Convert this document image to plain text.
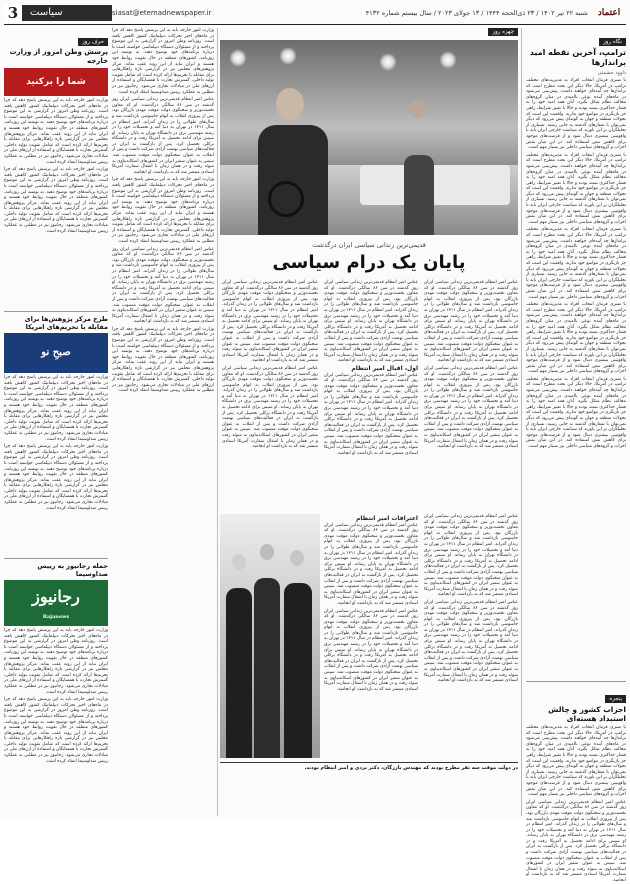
3	سیاست	siasat@etemadnewspaper.ir	شنبه ۲۲ تیر ۱۴۰۲ / ۲۳ ذی‌الحجه ۱۴۴۴ / ۱۳ جولای ۲۰۲۳ / سال بیستم شماره ۴۱۳۲	اعتماد
نگاه روز
ترامپ، آخرین نقطه امید برانداز‌ها
داوود حشمتی

با تسری فرمان انتخاب افراد به مدیریت‌های مختلف ترامپ در آمریکا، حالا دیگر این بحث مطرح است که برانداز‌ها چه آینده‌ای خواهند داشت. پیش‌بینی می‌شود در ماه‌های آینده نوعی ناامیدی در میان گروه‌های مخالف نظام شکل بگیرد. آنان همه امید خود را به فشار حداکثری بسته بودند و حالا با تغییر شرایط، راهی جز بازنگری در مواضع خود ندارند. واقعیت این است که تحولات منطقه و جهان به گونه‌ای پیش می‌رود که دیگر نمی‌توان با شعارهای گذشته به جایی رسید. بسیاری از تحلیلگران بر این باورند که سیاست خارجی ایران باید با واقع‌بینی بیشتری دنبال شود و از فرصت‌های موجود برای کاهش تنش استفاده کند. در این میان نقش احزاب و گروه‌های سیاسی داخلی نیز بسیار مهم است.

با تسری فرمان انتخاب افراد به مدیریت‌های مختلف ترامپ در آمریکا، حالا دیگر این بحث مطرح است که برانداز‌ها چه آینده‌ای خواهند داشت. پیش‌بینی می‌شود در ماه‌های آینده نوعی ناامیدی در میان گروه‌های مخالف نظام شکل بگیرد. آنان همه امید خود را به فشار حداکثری بسته بودند و حالا با تغییر شرایط، راهی جز بازنگری در مواضع خود ندارند. واقعیت این است که تحولات منطقه و جهان به گونه‌ای پیش می‌رود که دیگر نمی‌توان با شعارهای گذشته به جایی رسید. بسیاری از تحلیلگران بر این باورند که سیاست خارجی ایران باید با واقع‌بینی بیشتری دنبال شود و از فرصت‌های موجود برای کاهش تنش استفاده کند. در این میان نقش احزاب و گروه‌های سیاسی داخلی نیز بسیار مهم است.

با تسری فرمان انتخاب افراد به مدیریت‌های مختلف ترامپ در آمریکا، حالا دیگر این بحث مطرح است که برانداز‌ها چه آینده‌ای خواهند داشت. پیش‌بینی می‌شود در ماه‌های آینده نوعی ناامیدی در میان گروه‌های مخالف نظام شکل بگیرد. آنان همه امید خود را به فشار حداکثری بسته بودند و حالا با تغییر شرایط، راهی جز بازنگری در مواضع خود ندارند. واقعیت این است که تحولات منطقه و جهان به گونه‌ای پیش می‌رود که دیگر نمی‌توان با شعارهای گذشته به جایی رسید. بسیاری از تحلیلگران بر این باورند که سیاست خارجی ایران باید با واقع‌بینی بیشتری دنبال شود و از فرصت‌های موجود برای کاهش تنش استفاده کند. در این میان نقش احزاب و گروه‌های سیاسی داخلی نیز بسیار مهم است.

با تسری فرمان انتخاب افراد به مدیریت‌های مختلف ترامپ در آمریکا، حالا دیگر این بحث مطرح است که برانداز‌ها چه آینده‌ای خواهند داشت. پیش‌بینی می‌شود در ماه‌های آینده نوعی ناامیدی در میان گروه‌های مخالف نظام شکل بگیرد. آنان همه امید خود را به فشار حداکثری بسته بودند و حالا با تغییر شرایط، راهی جز بازنگری در مواضع خود ندارند. واقعیت این است که تحولات منطقه و جهان به گونه‌ای پیش می‌رود که دیگر نمی‌توان با شعارهای گذشته به جایی رسید. بسیاری از تحلیلگران بر این باورند که سیاست خارجی ایران باید با واقع‌بینی بیشتری دنبال شود و از فرصت‌های موجود برای کاهش تنش استفاده کند. در این میان نقش احزاب و گروه‌های سیاسی داخلی نیز بسیار مهم است.

با تسری فرمان انتخاب افراد به مدیریت‌های مختلف ترامپ در آمریکا، حالا دیگر این بحث مطرح است که برانداز‌ها چه آینده‌ای خواهند داشت. پیش‌بینی می‌شود در ماه‌های آینده نوعی ناامیدی در میان گروه‌های مخالف نظام شکل بگیرد. آنان همه امید خود را به فشار حداکثری بسته بودند و حالا با تغییر شرایط، راهی جز بازنگری در مواضع خود ندارند. واقعیت این است که تحولات منطقه و جهان به گونه‌ای پیش می‌رود که دیگر نمی‌توان با شعارهای گذشته به جایی رسید. بسیاری از تحلیلگران بر این باورند که سیاست خارجی ایران باید با واقع‌بینی بیشتری دنبال شود و از فرصت‌های موجود برای کاهش تنش استفاده کند. در این میان نقش احزاب و گروه‌های سیاسی داخلی نیز بسیار مهم است.

پنجره
احزاب کشور و چالش استبداد هسته‌ای

با تسری فرمان انتخاب افراد به مدیریت‌های مختلف ترامپ در آمریکا، حالا دیگر این بحث مطرح است که برانداز‌ها چه آینده‌ای خواهند داشت. پیش‌بینی می‌شود در ماه‌های آینده نوعی ناامیدی در میان گروه‌های مخالف نظام شکل بگیرد. آنان همه امید خود را به فشار حداکثری بسته بودند و حالا با تغییر شرایط، راهی جز بازنگری در مواضع خود ندارند. واقعیت این است که تحولات منطقه و جهان به گونه‌ای پیش می‌رود که دیگر نمی‌توان با شعارهای گذشته به جایی رسید. بسیاری از تحلیلگران بر این باورند که سیاست خارجی ایران باید با واقع‌بینی بیشتری دنبال شود و از فرصت‌های موجود برای کاهش تنش استفاده کند. در این میان نقش احزاب و گروه‌های سیاسی داخلی نیز بسیار مهم است.

عباس امیر انتظام قدیمی‌ترین زندانی سیاسی ایران روز گذشته در سن ۸۶ سالگی درگذشت. او که معاون نخست‌وزیر و سخنگوی دولت موقت مهدی بازرگان بود، پس از پیروزی انقلاب به اتهام جاسوسی بازداشت شد و سال‌های طولانی را در زندان گذراند. امیر انتظام در سال ۱۳۱۱ در تهران به دنیا آمد و تحصیلات خود را در رشته مهندسی برق در دانشگاه تهران به پایان رساند. او سپس برای ادامه تحصیل به آمریکا رفت و در دانشگاه برکلی تحصیل کرد. پس از بازگشت به ایران در فعالیت‌های سیاسی نهضت آزادی شرکت داشت و پس از انقلاب به عنوان سخنگوی دولت موقت منصوب شد. سپس به عنوان سفیر ایران در کشورهای اسکاندیناوی به سوئد رفت و در همان زمان با اشغال سفارت آمریکا اسنادی منتشر شد که به بازداشت او انجامید.

چهره روز
قدیمی‌ترین زندانی سیاسی ایران درگذشت
پایان یک درام سیاسی

عباس امیر انتظام قدیمی‌ترین زندانی سیاسی ایران روز گذشته در سن ۸۶ سالگی درگذشت. او که معاون نخست‌وزیر و سخنگوی دولت موقت مهدی بازرگان بود، پس از پیروزی انقلاب به اتهام جاسوسی بازداشت شد و سال‌های طولانی را در زندان گذراند. امیر انتظام در سال ۱۳۱۱ در تهران به دنیا آمد و تحصیلات خود را در رشته مهندسی برق در دانشگاه تهران به پایان رساند. او سپس برای ادامه تحصیل به آمریکا رفت و در دانشگاه برکلی تحصیل کرد. پس از بازگشت به ایران در فعالیت‌های سیاسی نهضت آزادی شرکت داشت و پس از انقلاب به عنوان سخنگوی دولت موقت منصوب شد. سپس به عنوان سفیر ایران در کشورهای اسکاندیناوی به سوئد رفت و در همان زمان با اشغال سفارت آمریکا اسنادی منتشر شد که به بازداشت او انجامید.

عباس امیر انتظام قدیمی‌ترین زندانی سیاسی ایران روز گذشته در سن ۸۶ سالگی درگذشت. او که معاون نخست‌وزیر و سخنگوی دولت موقت مهدی بازرگان بود، پس از پیروزی انقلاب به اتهام جاسوسی بازداشت شد و سال‌های طولانی را در زندان گذراند. امیر انتظام در سال ۱۳۱۱ در تهران به دنیا آمد و تحصیلات خود را در رشته مهندسی برق در دانشگاه تهران به پایان رساند. او سپس برای ادامه تحصیل به آمریکا رفت و در دانشگاه برکلی تحصیل کرد. پس از بازگشت به ایران در فعالیت‌های سیاسی نهضت آزادی شرکت داشت و پس از انقلاب به عنوان سخنگوی دولت موقت منصوب شد. سپس به عنوان سفیر ایران در کشورهای اسکاندیناوی به سوئد رفت و در همان زمان با اشغال سفارت آمریکا اسنادی منتشر شد که به بازداشت او انجامید.

عباس امیر انتظام قدیمی‌ترین زندانی سیاسی ایران روز گذشته در سن ۸۶ سالگی درگذشت. او که معاون نخست‌وزیر و سخنگوی دولت موقت مهدی بازرگان بود، پس از پیروزی انقلاب به اتهام جاسوسی بازداشت شد و سال‌های طولانی را در زندان گذراند. امیر انتظام در سال ۱۳۱۱ در تهران به دنیا آمد و تحصیلات خود را در رشته مهندسی برق در دانشگاه تهران به پایان رساند. او سپس برای ادامه تحصیل به آمریکا رفت و در دانشگاه برکلی تحصیل کرد. پس از بازگشت به ایران در فعالیت‌های سیاسی نهضت آزادی شرکت داشت و پس از انقلاب به عنوان سخنگوی دولت موقت منصوب شد. سپس به عنوان سفیر ایران در کشورهای اسکاندیناوی به سوئد رفت و در همان زمان با اشغال سفارت آمریکا اسنادی منتشر شد که به بازداشت او انجامید.

اول، اقبال امیر انتظام

عباس امیر انتظام قدیمی‌ترین زندانی سیاسی ایران روز گذشته در سن ۸۶ سالگی درگذشت. او که معاون نخست‌وزیر و سخنگوی دولت موقت مهدی بازرگان بود، پس از پیروزی انقلاب به اتهام جاسوسی بازداشت شد و سال‌های طولانی را در زندان گذراند. امیر انتظام در سال ۱۳۱۱ در تهران به دنیا آمد و تحصیلات خود را در رشته مهندسی برق در دانشگاه تهران به پایان رساند. او سپس برای ادامه تحصیل به آمریکا رفت و در دانشگاه برکلی تحصیل کرد. پس از بازگشت به ایران در فعالیت‌های سیاسی نهضت آزادی شرکت داشت و پس از انقلاب به عنوان سخنگوی دولت موقت منصوب شد. سپس به عنوان سفیر ایران در کشورهای اسکاندیناوی به سوئد رفت و در همان زمان با اشغال سفارت آمریکا اسنادی منتشر شد که به بازداشت او انجامید.

عباس امیر انتظام قدیمی‌ترین زندانی سیاسی ایران روز گذشته در سن ۸۶ سالگی درگذشت. او که معاون نخست‌وزیر و سخنگوی دولت موقت مهدی بازرگان بود، پس از پیروزی انقلاب به اتهام جاسوسی بازداشت شد و سال‌های طولانی را در زندان گذراند. امیر انتظام در سال ۱۳۱۱ در تهران به دنیا آمد و تحصیلات خود را در رشته مهندسی برق در دانشگاه تهران به پایان رساند. او سپس برای ادامه تحصیل به آمریکا رفت و در دانشگاه برکلی تحصیل کرد. پس از بازگشت به ایران در فعالیت‌های سیاسی نهضت آزادی شرکت داشت و پس از انقلاب به عنوان سخنگوی دولت موقت منصوب شد. سپس به عنوان سفیر ایران در کشورهای اسکاندیناوی به سوئد رفت و در همان زمان با اشغال سفارت آمریکا اسنادی منتشر شد که به بازداشت او انجامید.

عباس امیر انتظام قدیمی‌ترین زندانی سیاسی ایران روز گذشته در سن ۸۶ سالگی درگذشت. او که معاون نخست‌وزیر و سخنگوی دولت موقت مهدی بازرگان بود، پس از پیروزی انقلاب به اتهام جاسوسی بازداشت شد و سال‌های طولانی را در زندان گذراند. امیر انتظام در سال ۱۳۱۱ در تهران به دنیا آمد و تحصیلات خود را در رشته مهندسی برق در دانشگاه تهران به پایان رساند. او سپس برای ادامه تحصیل به آمریکا رفت و در دانشگاه برکلی تحصیل کرد. پس از بازگشت به ایران در فعالیت‌های سیاسی نهضت آزادی شرکت داشت و پس از انقلاب به عنوان سخنگوی دولت موقت منصوب شد. سپس به عنوان سفیر ایران در کشورهای اسکاندیناوی به سوئد رفت و در همان زمان با اشغال سفارت آمریکا اسنادی منتشر شد که به بازداشت او انجامید.

عباس امیر انتظام قدیمی‌ترین زندانی سیاسی ایران روز گذشته در سن ۸۶ سالگی درگذشت. او که معاون نخست‌وزیر و سخنگوی دولت موقت مهدی بازرگان بود، پس از پیروزی انقلاب به اتهام جاسوسی بازداشت شد و سال‌های طولانی را در زندان گذراند. امیر انتظام در سال ۱۳۱۱ در تهران به دنیا آمد و تحصیلات خود را در رشته مهندسی برق در دانشگاه تهران به پایان رساند. او سپس برای ادامه تحصیل به آمریکا رفت و در دانشگاه برکلی تحصیل کرد. پس از بازگشت به ایران در فعالیت‌های سیاسی نهضت آزادی شرکت داشت و پس از انقلاب به عنوان سخنگوی دولت موقت منصوب شد. سپس به عنوان سفیر ایران در کشورهای اسکاندیناوی به سوئد رفت و در همان زمان با اشغال سفارت آمریکا اسنادی منتشر شد که به بازداشت او انجامید.

عباس امیر انتظام قدیمی‌ترین زندانی سیاسی ایران روز گذشته در سن ۸۶ سالگی درگذشت. او که معاون نخست‌وزیر و سخنگوی دولت موقت مهدی بازرگان بود، پس از پیروزی انقلاب به اتهام جاسوسی بازداشت شد و سال‌های طولانی را در زندان گذراند. امیر انتظام در سال ۱۳۱۱ در تهران به دنیا آمد و تحصیلات خود را در رشته مهندسی برق در دانشگاه تهران به پایان رساند. او سپس برای ادامه تحصیل به آمریکا رفت و در دانشگاه برکلی تحصیل کرد. پس از بازگشت به ایران در فعالیت‌های سیاسی نهضت آزادی شرکت داشت و پس از انقلاب به عنوان سخنگوی دولت موقت منصوب شد. سپس به عنوان سفیر ایران در کشورهای اسکاندیناوی به سوئد رفت و در همان زمان با اشغال سفارت آمریکا اسنادی منتشر شد که به بازداشت او انجامید.

اعترافات امیر انتظام

عباس امیر انتظام قدیمی‌ترین زندانی سیاسی ایران روز گذشته در سن ۸۶ سالگی درگذشت. او که معاون نخست‌وزیر و سخنگوی دولت موقت مهدی بازرگان بود، پس از پیروزی انقلاب به اتهام جاسوسی بازداشت شد و سال‌های طولانی را در زندان گذراند. امیر انتظام در سال ۱۳۱۱ در تهران به دنیا آمد و تحصیلات خود را در رشته مهندسی برق در دانشگاه تهران به پایان رساند. او سپس برای ادامه تحصیل به آمریکا رفت و در دانشگاه برکلی تحصیل کرد. پس از بازگشت به ایران در فعالیت‌های سیاسی نهضت آزادی شرکت داشت و پس از انقلاب به عنوان سخنگوی دولت موقت منصوب شد. سپس به عنوان سفیر ایران در کشورهای اسکاندیناوی به سوئد رفت و در همان زمان با اشغال سفارت آمریکا اسنادی منتشر شد که به بازداشت او انجامید.

عباس امیر انتظام قدیمی‌ترین زندانی سیاسی ایران روز گذشته در سن ۸۶ سالگی درگذشت. او که معاون نخست‌وزیر و سخنگوی دولت موقت مهدی بازرگان بود، پس از پیروزی انقلاب به اتهام جاسوسی بازداشت شد و سال‌های طولانی را در زندان گذراند. امیر انتظام در سال ۱۳۱۱ در تهران به دنیا آمد و تحصیلات خود را در رشته مهندسی برق در دانشگاه تهران به پایان رساند. او سپس برای ادامه تحصیل به آمریکا رفت و در دانشگاه برکلی تحصیل کرد. پس از بازگشت به ایران در فعالیت‌های سیاسی نهضت آزادی شرکت داشت و پس از انقلاب به عنوان سخنگوی دولت موقت منصوب شد. سپس به عنوان سفیر ایران در کشورهای اسکاندیناوی به سوئد رفت و در همان زمان با اشغال سفارت آمریکا اسنادی منتشر شد که به بازداشت او انجامید.

در دولت موقت سه نفر مطرح بودند که مهندس بازرگان، دکتر یزدی و امیر انتظام بودند.

وزارت امور خارجه باید به این پرسش پاسخ دهد که چرا در ماه‌های اخیر تحرکات دیپلماتیک کشور کاهش یافته است. روزنامه وطن امروز در گزارشی به این موضوع پرداخته و از مسئولان دستگاه دیپلماسی خواسته است تا درباره برنامه‌های خود توضیح دهند. به نوشته این روزنامه، کشورهای منطقه در حال تقویت روابط خود هستند و ایران نباید از این روند عقب بماند. مرکز پژوهش‌های مجلس نیز در گزارشی تازه راهکارهایی برای مقابله با تحریم‌ها ارائه کرده است که شامل تقویت تولید داخلی، گسترش تجارت با همسایگان و استفاده از ارزهای ملی در مبادلات تجاری می‌شود. رجانیوز نیز در مطلبی به عملکرد رییس صداوسیما انتقاد کرده است.

عباس امیر انتظام قدیمی‌ترین زندانی سیاسی ایران روز گذشته در سن ۸۶ سالگی درگذشت. او که معاون نخست‌وزیر و سخنگوی دولت موقت مهدی بازرگان بود، پس از پیروزی انقلاب به اتهام جاسوسی بازداشت شد و سال‌های طولانی را در زندان گذراند. امیر انتظام در سال ۱۳۱۱ در تهران به دنیا آمد و تحصیلات خود را در رشته مهندسی برق در دانشگاه تهران به پایان رساند. او سپس برای ادامه تحصیل به آمریکا رفت و در دانشگاه برکلی تحصیل کرد. پس از بازگشت به ایران در فعالیت‌های سیاسی نهضت آزادی شرکت داشت و پس از انقلاب به عنوان سخنگوی دولت موقت منصوب شد. سپس به عنوان سفیر ایران در کشورهای اسکاندیناوی به سوئد رفت و در همان زمان با اشغال سفارت آمریکا اسنادی منتشر شد که به بازداشت او انجامید.

وزارت امور خارجه باید به این پرسش پاسخ دهد که چرا در ماه‌های اخیر تحرکات دیپلماتیک کشور کاهش یافته است. روزنامه وطن امروز در گزارشی به این موضوع پرداخته و از مسئولان دستگاه دیپلماسی خواسته است تا درباره برنامه‌های خود توضیح دهند. به نوشته این روزنامه، کشورهای منطقه در حال تقویت روابط خود هستند و ایران نباید از این روند عقب بماند. مرکز پژوهش‌های مجلس نیز در گزارشی تازه راهکارهایی برای مقابله با تحریم‌ها ارائه کرده است که شامل تقویت تولید داخلی، گسترش تجارت با همسایگان و استفاده از ارزهای ملی در مبادلات تجاری می‌شود. رجانیوز نیز در مطلبی به عملکرد رییس صداوسیما انتقاد کرده است.

عباس امیر انتظام قدیمی‌ترین زندانی سیاسی ایران روز گذشته در سن ۸۶ سالگی درگذشت. او که معاون نخست‌وزیر و سخنگوی دولت موقت مهدی بازرگان بود، پس از پیروزی انقلاب به اتهام جاسوسی بازداشت شد و سال‌های طولانی را در زندان گذراند. امیر انتظام در سال ۱۳۱۱ در تهران به دنیا آمد و تحصیلات خود را در رشته مهندسی برق در دانشگاه تهران به پایان رساند. او سپس برای ادامه تحصیل به آمریکا رفت و در دانشگاه برکلی تحصیل کرد. پس از بازگشت به ایران در فعالیت‌های سیاسی نهضت آزادی شرکت داشت و پس از انقلاب به عنوان سخنگوی دولت موقت منصوب شد. سپس به عنوان سفیر ایران در کشورهای اسکاندیناوی به سوئد رفت و در همان زمان با اشغال سفارت آمریکا اسنادی منتشر شد که به بازداشت او انجامید.

وزارت امور خارجه باید به این پرسش پاسخ دهد که چرا در ماه‌های اخیر تحرکات دیپلماتیک کشور کاهش یافته است. روزنامه وطن امروز در گزارشی به این موضوع پرداخته و از مسئولان دستگاه دیپلماسی خواسته است تا درباره برنامه‌های خود توضیح دهند. به نوشته این روزنامه، کشورهای منطقه در حال تقویت روابط خود هستند و ایران نباید از این روند عقب بماند. مرکز پژوهش‌های مجلس نیز در گزارشی تازه راهکارهایی برای مقابله با تحریم‌ها ارائه کرده است که شامل تقویت تولید داخلی، گسترش تجارت با همسایگان و استفاده از ارزهای ملی در مبادلات تجاری می‌شود. رجانیوز نیز در مطلبی به عملکرد رییس صداوسیما انتقاد کرده است.

حرف روز
پرسش وطن امروز از وزارت خارجه
شما را برکنید

وزارت امور خارجه باید به این پرسش پاسخ دهد که چرا در ماه‌های اخیر تحرکات دیپلماتیک کشور کاهش یافته است. روزنامه وطن امروز در گزارشی به این موضوع پرداخته و از مسئولان دستگاه دیپلماسی خواسته است تا درباره برنامه‌های خود توضیح دهند. به نوشته این روزنامه، کشورهای منطقه در حال تقویت روابط خود هستند و ایران نباید از این روند عقب بماند. مرکز پژوهش‌های مجلس نیز در گزارشی تازه راهکارهایی برای مقابله با تحریم‌ها ارائه کرده است که شامل تقویت تولید داخلی، گسترش تجارت با همسایگان و استفاده از ارزهای ملی در مبادلات تجاری می‌شود. رجانیوز نیز در مطلبی به عملکرد رییس صداوسیما انتقاد کرده است.

وزارت امور خارجه باید به این پرسش پاسخ دهد که چرا در ماه‌های اخیر تحرکات دیپلماتیک کشور کاهش یافته است. روزنامه وطن امروز در گزارشی به این موضوع پرداخته و از مسئولان دستگاه دیپلماسی خواسته است تا درباره برنامه‌های خود توضیح دهند. به نوشته این روزنامه، کشورهای منطقه در حال تقویت روابط خود هستند و ایران نباید از این روند عقب بماند. مرکز پژوهش‌های مجلس نیز در گزارشی تازه راهکارهایی برای مقابله با تحریم‌ها ارائه کرده است که شامل تقویت تولید داخلی، گسترش تجارت با همسایگان و استفاده از ارزهای ملی در مبادلات تجاری می‌شود. رجانیوز نیز در مطلبی به عملکرد رییس صداوسیما انتقاد کرده است.

طرح مرکز پژوهش‌ها برای مقابله با تحریم‌های امریکا
صبحِ نو

وزارت امور خارجه باید به این پرسش پاسخ دهد که چرا در ماه‌های اخیر تحرکات دیپلماتیک کشور کاهش یافته است. روزنامه وطن امروز در گزارشی به این موضوع پرداخته و از مسئولان دستگاه دیپلماسی خواسته است تا درباره برنامه‌های خود توضیح دهند. به نوشته این روزنامه، کشورهای منطقه در حال تقویت روابط خود هستند و ایران نباید از این روند عقب بماند. مرکز پژوهش‌های مجلس نیز در گزارشی تازه راهکارهایی برای مقابله با تحریم‌ها ارائه کرده است که شامل تقویت تولید داخلی، گسترش تجارت با همسایگان و استفاده از ارزهای ملی در مبادلات تجاری می‌شود. رجانیوز نیز در مطلبی به عملکرد رییس صداوسیما انتقاد کرده است.

وزارت امور خارجه باید به این پرسش پاسخ دهد که چرا در ماه‌های اخیر تحرکات دیپلماتیک کشور کاهش یافته است. روزنامه وطن امروز در گزارشی به این موضوع پرداخته و از مسئولان دستگاه دیپلماسی خواسته است تا درباره برنامه‌های خود توضیح دهند. به نوشته این روزنامه، کشورهای منطقه در حال تقویت روابط خود هستند و ایران نباید از این روند عقب بماند. مرکز پژوهش‌های مجلس نیز در گزارشی تازه راهکارهایی برای مقابله با تحریم‌ها ارائه کرده است که شامل تقویت تولید داخلی، گسترش تجارت با همسایگان و استفاده از ارزهای ملی در مبادلات تجاری می‌شود. رجانیوز نیز در مطلبی به عملکرد رییس صداوسیما انتقاد کرده است.

حمله رجانیوز به رییس صداوسیما
رجانیوز
Rajanews

وزارت امور خارجه باید به این پرسش پاسخ دهد که چرا در ماه‌های اخیر تحرکات دیپلماتیک کشور کاهش یافته است. روزنامه وطن امروز در گزارشی به این موضوع پرداخته و از مسئولان دستگاه دیپلماسی خواسته است تا درباره برنامه‌های خود توضیح دهند. به نوشته این روزنامه، کشورهای منطقه در حال تقویت روابط خود هستند و ایران نباید از این روند عقب بماند. مرکز پژوهش‌های مجلس نیز در گزارشی تازه راهکارهایی برای مقابله با تحریم‌ها ارائه کرده است که شامل تقویت تولید داخلی، گسترش تجارت با همسایگان و استفاده از ارزهای ملی در مبادلات تجاری می‌شود. رجانیوز نیز در مطلبی به عملکرد رییس صداوسیما انتقاد کرده است.

وزارت امور خارجه باید به این پرسش پاسخ دهد که چرا در ماه‌های اخیر تحرکات دیپلماتیک کشور کاهش یافته است. روزنامه وطن امروز در گزارشی به این موضوع پرداخته و از مسئولان دستگاه دیپلماسی خواسته است تا درباره برنامه‌های خود توضیح دهند. به نوشته این روزنامه، کشورهای منطقه در حال تقویت روابط خود هستند و ایران نباید از این روند عقب بماند. مرکز پژوهش‌های مجلس نیز در گزارشی تازه راهکارهایی برای مقابله با تحریم‌ها ارائه کرده است که شامل تقویت تولید داخلی، گسترش تجارت با همسایگان و استفاده از ارزهای ملی در مبادلات تجاری می‌شود. رجانیوز نیز در مطلبی به عملکرد رییس صداوسیما انتقاد کرده است.
